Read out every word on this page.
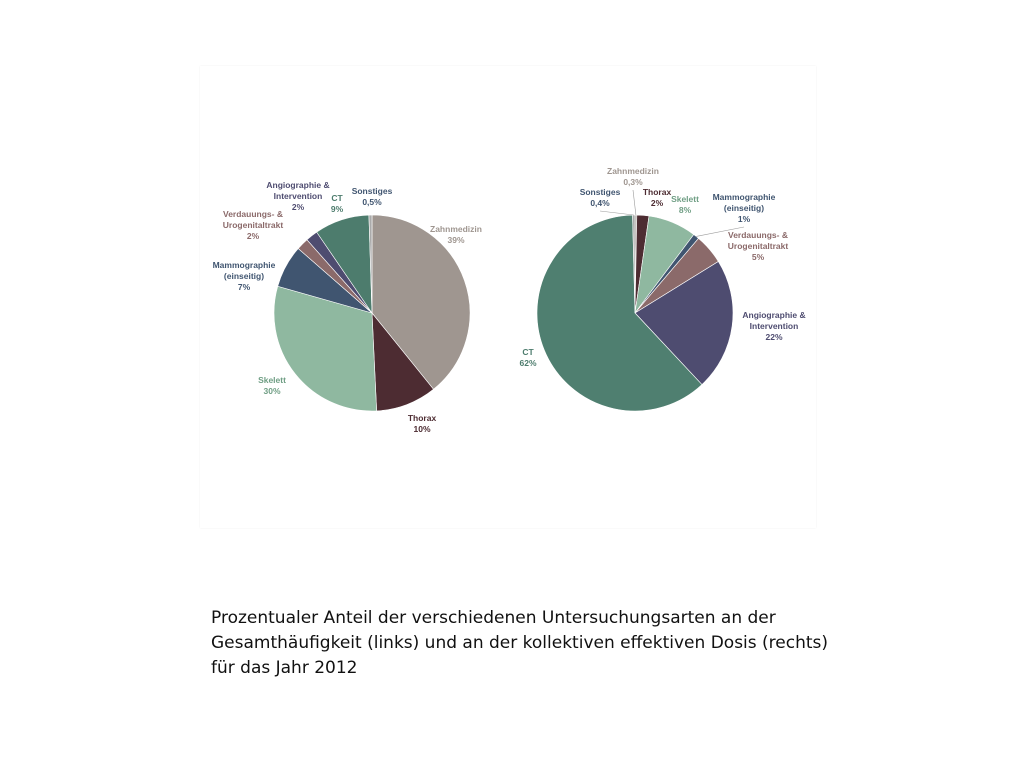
Zahnmedizin 39%
Thorax 10%
Skelett 30%
Mammographie (einseitig) 7%
Verdauungs- & Urogenitaltrakt 2%
Angiographie & Intervention 2%
CT 9%
Sonstiges 0,5%
Zahnmedizin 0,3%
Thorax 2% Skelett 8%
Mammographie (einseitig) 1%
Verdauungs- & Urogenitaltrakt 5%
Angiographie & Intervention 22%
CT 62%
Sonstiges 0,4%
Prozentualer Anteil der verschiedenen Untersuchungsarten an der
Gesamthäufigkeit (links) und an der kollektiven effektiven Dosis (rechts)
für das Jahr 2012
